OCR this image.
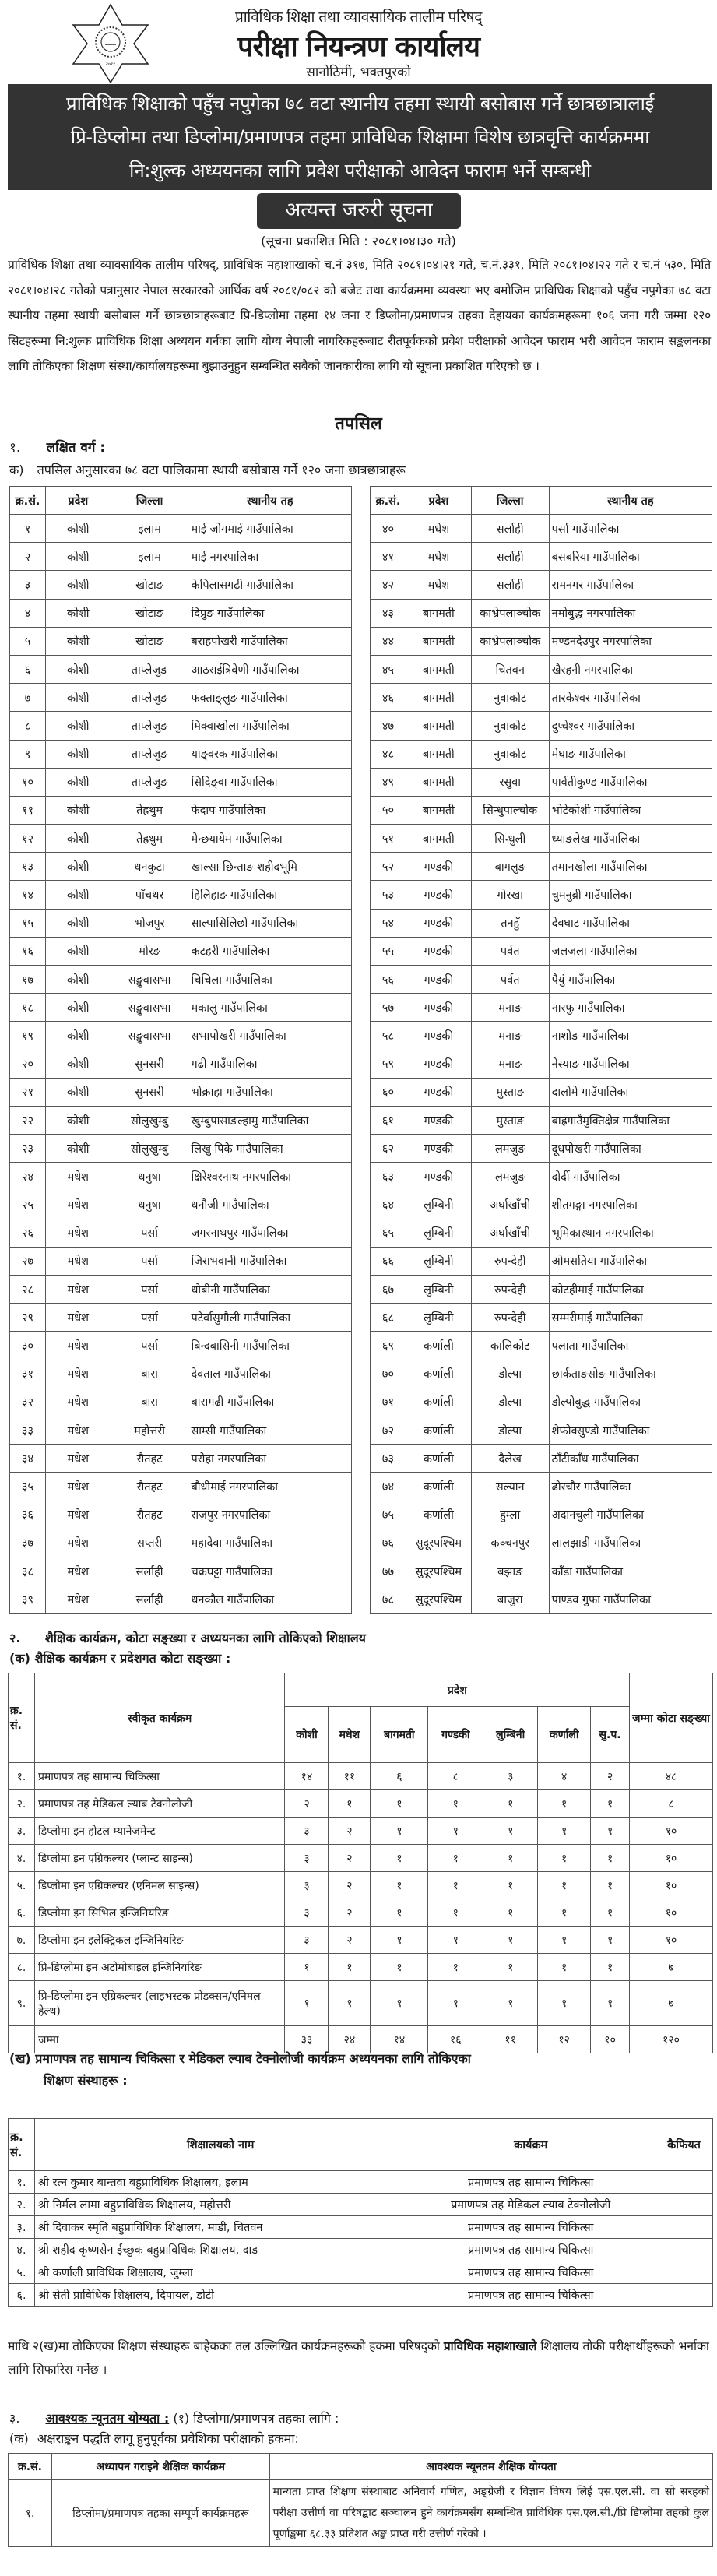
२०११
प्राविधिक शिक्षा तथा व्यावसायिक तालीम परिषद्
परीक्षा नियन्त्रण कार्यालय
सानोठिमी, भक्तपुरको
प्राविधिक शिक्षाको पहुँच नपुगेका ७८ वटा स्थानीय तहमा स्थायी बसोबास गर्ने छात्रछात्रालाई
प्रि-डिप्लोमा तथा डिप्लोमा/प्रमाणपत्र तहमा प्राविधिक शिक्षामा विशेष छात्रवृत्ति कार्यक्रममा
नि:शुल्क अध्ययनका लागि प्रवेश परीक्षाको आवेदन फाराम भर्ने सम्बन्धी
अत्यन्त जरुरी सूचना
(सूचना प्रकाशित मिति : २०८१।०४।३० गते)
प्राविधिक शिक्षा तथा व्यावसायिक तालीम परिषद्, प्राविधिक महाशाखाको च.नं ३१७, मिति २०८१।०४।२१ गते, च.नं.३३१, मिति २०८१।०४।२२ गते र च.नं ५३०, मिति २०८१।०४।२८ गतेको पत्रानुसार नेपाल सरकारको आर्थिक वर्ष २०८१/०८२ को बजेट तथा कार्यक्रममा व्यवस्था भए बमोजिम प्राविधिक शिक्षाको पहुँच नपुगेका ७८ वटा स्थानीय तहमा स्थायी बसोबास गर्ने छात्रछात्राहरूबाट प्रि-डिप्लोमा तहमा १४ जना र डिप्लोमा/प्रमाणपत्र तहका देहायका कार्यक्रमहरूमा १०६ जना गरी जम्मा १२० सिटहरूमा नि:शुल्क प्राविधिक शिक्षा अध्ययन गर्नका लागि योग्य नेपाली नागरिकहरूबाट रीतपूर्वकको प्रवेश परीक्षाको आवेदन फाराम भरी आवेदन फाराम सङ्कलनका लागि तोकिएका शिक्षण संस्था/कार्यालयहरूमा बुझाउनुहुन सम्बन्धित सबैको जानकारीका लागि यो सूचना प्रकाशित गरिएको छ ।
तपसिल
१. लक्षित वर्ग :
क) तपसिल अनुसारका ७८ वटा पालिकामा स्थायी बसोबास गर्ने १२० जना छात्रछात्राहरू
क्र.सं.	प्रदेश	जिल्ला	स्थानीय तह
१	कोशी	इलाम	माई जोगमाई गाउँपालिका
२	कोशी	इलाम	माई नगरपालिका
३	कोशी	खोटाङ	केपिलासगढी गाउँपालिका
४	कोशी	खोटाङ	दिप्रुङ गाउँपालिका
५	कोशी	खोटाङ	बराहपोखरी गाउँपालिका
६	कोशी	ताप्लेजुङ	आठराईत्रिवेणी गाउँपालिका
७	कोशी	ताप्लेजुङ	फक्ताङ्लुङ गाउँपालिका
८	कोशी	ताप्लेजुङ	मिक्वाखोला गाउँपालिका
९	कोशी	ताप्लेजुङ	याङ्वरक गाउँपालिका
१०	कोशी	ताप्लेजुङ	सिदिङ्वा गाउँपालिका
११	कोशी	तेह्रथुम	फेदाप गाउँपालिका
१२	कोशी	तेह्रथुम	मेन्छयायेम गाउँपालिका
१३	कोशी	धनकुटा	खाल्सा छिन्ताङ शहीदभूमि
१४	कोशी	पाँचथर	हिलिहाङ गाउँपालिका
१५	कोशी	भोजपुर	साल्पासिलिछो गाउँपालिका
१६	कोशी	मोरङ	कटहरी गाउँपालिका
१७	कोशी	सङ्खुवासभा	चिचिला गाउँपालिका
१८	कोशी	सङ्खुवासभा	मकालु गाउँपालिका
१९	कोशी	सङ्खुवासभा	सभापोखरी गाउँपालिका
२०	कोशी	सुनसरी	गढी गाउँपालिका
२१	कोशी	सुनसरी	भोक्राहा गाउँपालिका
२२	कोशी	सोलुखुम्बु	खुम्बुपासाङल्हामु गाउँपालिका
२३	कोशी	सोलुखुम्बु	लिखु पिके गाउँपालिका
२४	मधेश	धनुषा	क्षिरेश्वरनाथ नगरपालिका
२५	मधेश	धनुषा	धनौजी गाउँपालिका
२६	मधेश	पर्सा	जगरनाथपुर गाउँपालिका
२७	मधेश	पर्सा	जिराभवानी गाउँपालिका
२८	मधेश	पर्सा	धोबीनी गाउँपालिका
२९	मधेश	पर्सा	पटेर्वासुगौली गाउँपालिका
३०	मधेश	पर्सा	बिन्दबासिनी गाउँपालिका
३१	मधेश	बारा	देवताल गाउँपालिका
३२	मधेश	बारा	बारागढी गाउँपालिका
३३	मधेश	महोत्तरी	साम्सी गाउँपालिका
३४	मधेश	रौतहट	परोहा नगरपालिका
३५	मधेश	रौतहट	बौधीमाई नगरपालिका
३६	मधेश	रौतहट	राजपुर नगरपालिका
३७	मधेश	सप्तरी	महादेवा गाउँपालिका
३८	मधेश	सर्लाही	चक्रघट्टा गाउँपालिका
३९	मधेश	सर्लाही	धनकौल गाउँपालिका
क्र.सं.	प्रदेश	जिल्ला	स्थानीय तह
४०	मधेश	सर्लाही	पर्सा गाउँपालिका
४१	मधेश	सर्लाही	बसबरिया गाउँपालिका
४२	मधेश	सर्लाही	रामनगर गाउँपालिका
४३	बागमती	काभ्रेपलाञ्चोक	नमोबुद्ध नगरपालिका
४४	बागमती	काभ्रेपलाञ्चोक	मण्डनदेउपुर नगरपालिका
४५	बागमती	चितवन	खैरहनी नगरपालिका
४६	बागमती	नुवाकोट	तारकेश्वर गाउँपालिका
४७	बागमती	नुवाकोट	दुप्चेश्वर गाउँपालिका
४८	बागमती	नुवाकोट	मेघाङ गाउँपालिका
४९	बागमती	रसुवा	पार्वतीकुण्ड गाउँपालिका
५०	बागमती	सिन्धुपाल्चोक	भोटेकोशी गाउँपालिका
५१	बागमती	सिन्धुली	ध्याङलेख गाउँपालिका
५२	गण्डकी	बागलुङ	तमानखोला गाउँपालिका
५३	गण्डकी	गोरखा	चुमनुब्री गाउँपालिका
५४	गण्डकी	तनहुँ	देवघाट गाउँपालिका
५५	गण्डकी	पर्वत	जलजला गाउँपालिका
५६	गण्डकी	पर्वत	पैयुं गाउँपालिका
५७	गण्डकी	मनाङ	नारफु गाउँपालिका
५८	गण्डकी	मनाङ	नाशोङ गाउँपालिका
५९	गण्डकी	मनाङ	नेस्याङ गाउँपालिका
६०	गण्डकी	मुस्ताङ	दालोमे गाउँपालिका
६१	गण्डकी	मुस्ताङ	बाह्रगाउँमुक्तिक्षेत्र गाउँपालिका
६२	गण्डकी	लमजुङ	दूधपोखरी गाउँपालिका
६३	गण्डकी	लमजुङ	दोर्दी गाउँपालिका
६४	लुम्बिनी	अर्घाखाँची	शीतगङ्गा नगरपालिका
६५	लुम्बिनी	अर्घाखाँची	भूमिकास्थान नगरपालिका
६६	लुम्बिनी	रुपन्देही	ओमसतिया गाउँपालिका
६७	लुम्बिनी	रुपन्देही	कोटहीमाई गाउँपालिका
६८	लुम्बिनी	रुपन्देही	सम्मरीमाई गाउँपालिका
६९	कर्णाली	कालिकोट	पलाता गाउँपालिका
७०	कर्णाली	डोल्पा	छार्कताङसोङ गाउँपालिका
७१	कर्णाली	डोल्पा	डोल्पोबुद्ध गाउँपालिका
७२	कर्णाली	डोल्पा	शेफोक्सुण्डो गाउँपालिका
७३	कर्णाली	दैलेख	ठाँटीकाँध गाउँपालिका
७४	कर्णाली	सल्यान	ढोरचौर गाउँपालिका
७५	कर्णाली	हुम्ला	अदानचुली गाउँपालिका
७६	सुदूरपश्चिम	कञ्चनपुर	लालझाडी गाउँपालिका
७७	सुदूरपश्चिम	बझाङ	काँडा गाउँपालिका
७८	सुदूरपश्चिम	बाजुरा	पाण्डव गुफा गाउँपालिका
२. शैक्षिक कार्यक्रम, कोटा सङ्ख्या र अध्ययनका लागि तोकिएको शिक्षालय
(क) शैक्षिक कार्यक्रम र प्रदेशगत कोटा सङ्ख्या :
क्र. सं.	स्वीकृत कार्यक्रम	प्रदेश							जम्मा कोटा सङ्ख्या
		कोशी	मधेश	बागमती	गण्डकी	लुम्बिनी	कर्णाली	सु.प.	
१.	प्रमाणपत्र तह सामान्य चिकित्सा	१४	११	६	८	३	४	२	४८
२.	प्रमाणपत्र तह मेडिकल ल्याब टेक्नोलोजी	२	१	१	१	१	१	१	८
३.	डिप्लोमा इन होटल म्यानेजमेन्ट	३	२	१	१	१	१	१	१०
४.	डिप्लोमा इन एग्रिकल्चर (प्लान्ट साइन्स)	३	२	१	१	१	१	१	१०
५.	डिप्लोमा इन एग्रिकल्चर (एनिमल साइन्स)	३	२	१	१	१	१	१	१०
६.	डिप्लोमा इन सिभिल इन्जिनियरिङ	३	२	१	१	१	१	१	१०
७.	डिप्लोमा इन इलेक्ट्रिकल इन्जिनियरिङ	३	२	१	१	१	१	१	१०
८.	प्रि-डिप्लोमा इन अटोमोबाइल इन्जिनियरिङ	१	१	१	१	१	१	१	७
९.	प्रि-डिप्लोमा इन एग्रिकल्चर (लाइभस्टक प्रोडक्सन/एनिमल हेल्थ)	१	१	१	१	१	१	१	७
	जम्मा	३३	२४	१४	१६	११	१२	१०	१२०
(ख) प्रमाणपत्र तह सामान्य चिकित्सा र मेडिकल ल्याब टेक्नोलोजी कार्यक्रम अध्ययनका लागि तोकिएका
शिक्षण संस्थाहरू :
क्र. सं.	शिक्षालयको नाम	कार्यक्रम	कैफियत
१.	श्री रत्न कुमार बान्तवा बहुप्राविधिक शिक्षालय, इलाम	प्रमाणपत्र तह सामान्य चिकित्सा	
२.	श्री निर्मल लामा बहुप्राविधिक शिक्षालय, महोत्तरी	प्रमाणपत्र तह मेडिकल ल्याब टेक्नोलोजी	
३.	श्री दिवाकर स्मृति बहुप्राविधिक शिक्षालय, माडी, चितवन	प्रमाणपत्र तह सामान्य चिकित्सा	
४.	श्री शहीद कृष्णसेन ईच्छुक बहुप्राविधिक शिक्षालय, दाङ	प्रमाणपत्र तह सामान्य चिकित्सा	
५.	श्री कर्णाली प्राविधिक शिक्षालय, जुम्ला	प्रमाणपत्र तह सामान्य चिकित्सा	
६.	श्री सेती प्राविधिक शिक्षालय, दिपायल, डोटी	प्रमाणपत्र तह सामान्य चिकित्सा	
माथि २(ख)मा तोकिएका शिक्षण संस्थाहरू बाहेकका तल उल्लिखित कार्यक्रमहरूको हकमा परिषद्को प्राविधिक महाशाखाले शिक्षालय तोकी परीक्षार्थीहरूको भर्नाका लागि सिफारिस गर्नेछ ।
३. आवश्यक न्यूनतम योग्यता : (१) डिप्लोमा/प्रमाणपत्र तहका लागि :
(क) अक्षराङ्कन पद्धति लागू हुनुपूर्वका प्रवेशिका परीक्षाको हकमा:
क्र.सं.	अध्यापन गराइने शैक्षिक कार्यक्रम	आवश्यक न्यूनतम शैक्षिक योग्यता
१.	डिप्लोमा/प्रमाणपत्र तहका सम्पूर्ण कार्यक्रमहरू	मान्यता प्राप्त शिक्षण संस्थाबाट अनिवार्य गणित, अङ्ग्रेजी र विज्ञान विषय लिई एस.एल.सी. वा सो सरहको परीक्षा उत्तीर्ण वा परिषद्बाट सञ्चालन हुने कार्यक्रमसँग सम्बन्धित प्राविधिक एस.एल.सी./प्रि डिप्लोमा तहको कुल पूर्णाङ्कमा ६८.३३ प्रतिशत अङ्क प्राप्त गरी उत्तीर्ण गरेको ।
